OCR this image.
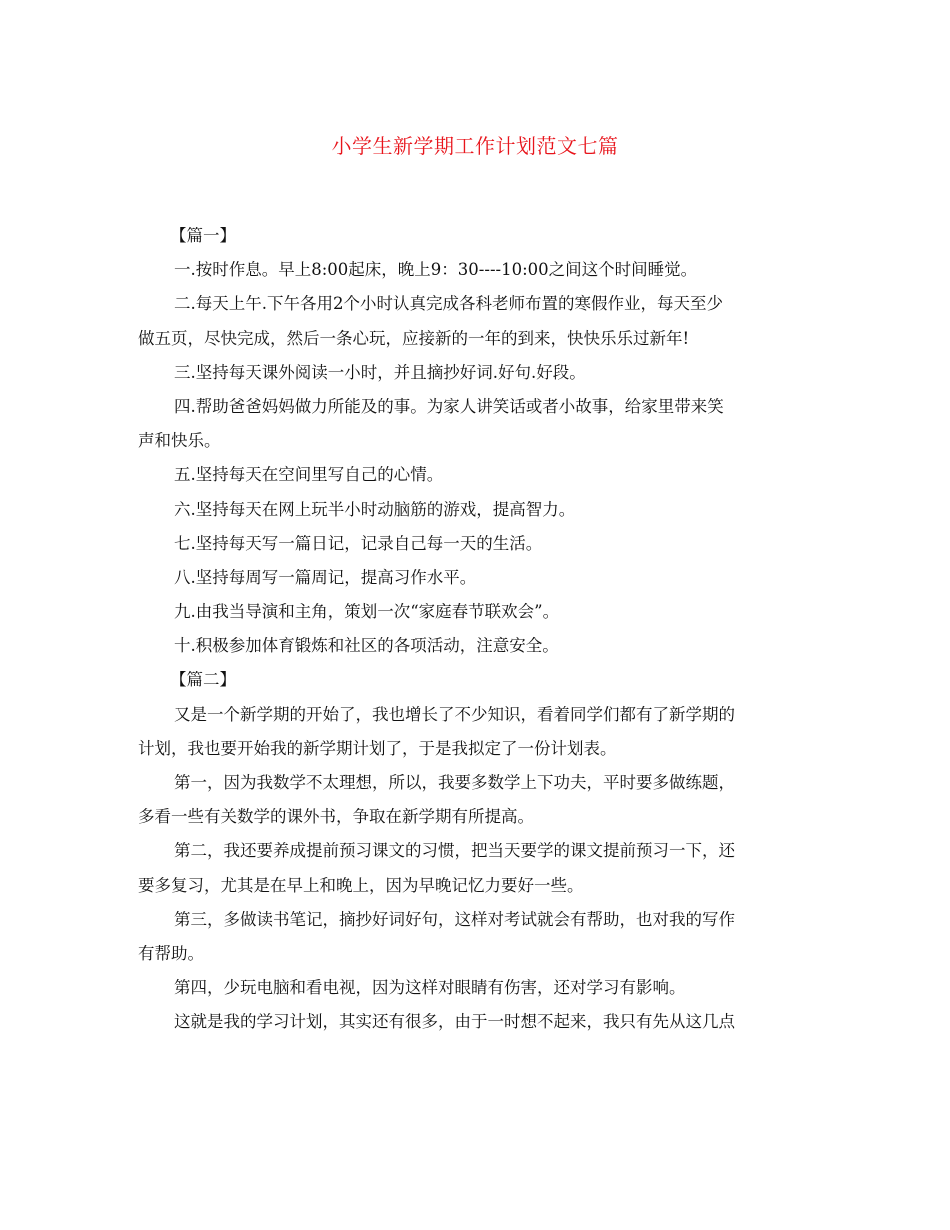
小学生新学期工作计划范文七篇
【篇一】
一.按时作息。早上8:00起床，晚上9：30----10:00之间这个时间睡觉。
二.每天上午.下午各用2个小时认真完成各科老师布置的寒假作业，每天至少
做五页，尽快完成，然后一条心玩，应接新的一年的到来，快快乐乐过新年!
三.坚持每天课外阅读一小时，并且摘抄好词.好句.好段。
四.帮助爸爸妈妈做力所能及的事。为家人讲笑话或者小故事，给家里带来笑
声和快乐。
五.坚持每天在空间里写自己的心情。
六.坚持每天在网上玩半小时动脑筋的游戏，提高智力。
七.坚持每天写一篇日记，记录自己每一天的生活。
八.坚持每周写一篇周记，提高习作水平。
九.由我当导演和主角，策划一次“家庭春节联欢会”。
十.积极参加体育锻炼和社区的各项活动，注意安全。
【篇二】
又是一个新学期的开始了，我也增长了不少知识，看着同学们都有了新学期的
计划，我也要开始我的新学期计划了，于是我拟定了一份计划表。
第一，因为我数学不太理想，所以，我要多数学上下功夫，平时要多做练题，
多看一些有关数学的课外书，争取在新学期有所提高。
第二，我还要养成提前预习课文的习惯，把当天要学的课文提前预习一下，还
要多复习，尤其是在早上和晚上，因为早晚记忆力要好一些。
第三，多做读书笔记，摘抄好词好句，这样对考试就会有帮助，也对我的写作
有帮助。
第四，少玩电脑和看电视，因为这样对眼睛有伤害，还对学习有影响。
这就是我的学习计划，其实还有很多，由于一时想不起来，我只有先从这几点
